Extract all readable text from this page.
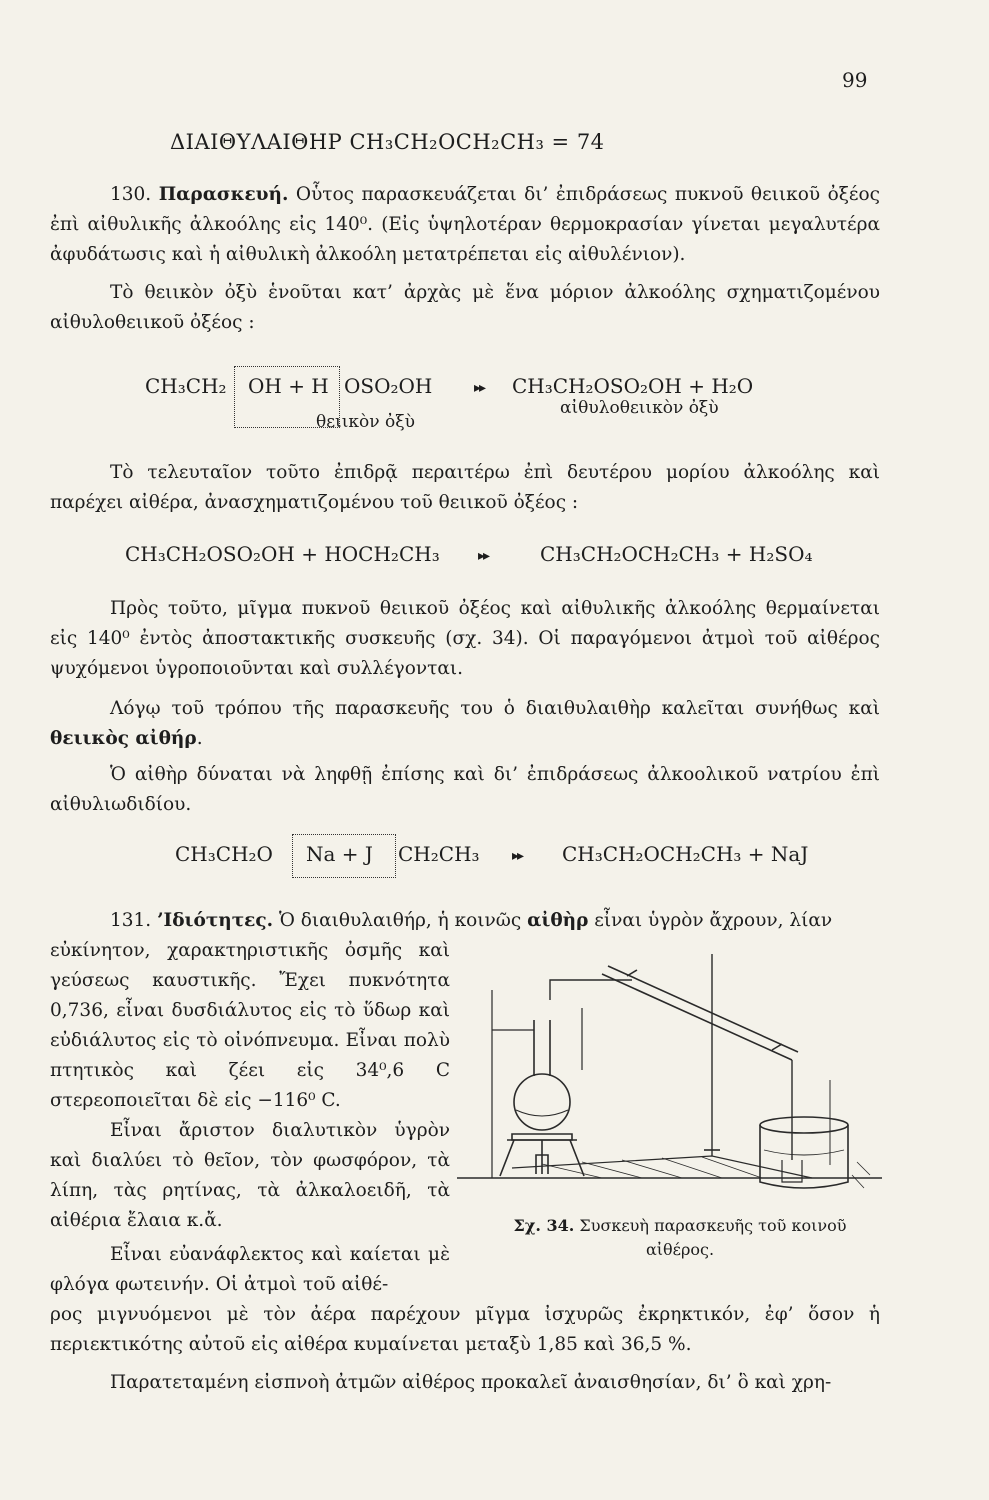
99
ΔΙΑΙΘΥΛΑΙΘΗΡ CH₃CH₂OCH₂CH₃ = 74
130. Παρασκευή. Οὗτος παρασκευάζεται δι’ ἐπιδράσεως πυκνοῦ θειικοῦ ὀξέος ἐπὶ αἰθυλικῆς ἀλκοόλης εἰς 140⁰. (Εἰς ὑψηλοτέραν θερμοκρασίαν γίνεται μεγαλυτέρα ἀφυδάτωσις καὶ ἡ αἰθυλικὴ ἀλκοόλη μετατρέπεται εἰς αἰθυλένιον).
Τὸ θειικὸν ὀξὺ ἑνοῦται κατ’ ἀρχὰς μὲ ἕνα μόριον ἀλκοόλης σχηματιζομένου αἰθυλοθειικοῦ ὀξέος :
CH₃CH₂ OH + H OSO₂OH	▸▸ CH₃CH₂OSO₂OH + H₂O
θειικὸν ὀξὺ
αἰθυλοθειικὸν ὀξὺ
Τὸ τελευταῖον τοῦτο ἐπιδρᾷ περαιτέρω ἐπὶ δευτέρου μορίου ἀλκοόλης καὶ παρέχει αἰθέρα, ἀνασχηματιζομένου τοῦ θειικοῦ ὀξέος :
CH₃CH₂OSO₂OH + HOCH₂CH₃	▸▸	CH₃CH₂OCH₂CH₃ + H₂SO₄
Πρὸς τοῦτο, μῖγμα πυκνοῦ θειικοῦ ὀξέος καὶ αἰθυλικῆς ἀλκοόλης θερμαίνεται εἰς 140⁰ ἐντὸς ἀποστακτικῆς συσκευῆς (σχ. 34). Οἱ παραγόμενοι ἀτμοὶ τοῦ αἰθέρος ψυχόμενοι ὑγροποιοῦνται καὶ συλλέγονται.
Λόγῳ τοῦ τρόπου τῆς παρασκευῆς του ὁ διαιθυλαιθὴρ καλεῖται συνήθως καὶ θειικὸς αἰθήρ.
Ὁ αἰθὴρ δύναται νὰ ληφθῇ ἐπίσης καὶ δι’ ἐπιδράσεως ἀλκοολικοῦ νατρίου ἐπὶ αἰθυλιωδιδίου.
CH₃CH₂O Na + J CH₂CH₃ ▸▸ CH₃CH₂OCH₂CH₃ + NaJ
131. ’Ιδιότητες. Ὁ διαιθυλαιθήρ, ἡ κοινῶς αἰθὴρ εἶναι ὑγρὸν ἄχρουν, λίαν
εὐκίνητον, χαρακτηριστικῆς ὀσμῆς καὶ γεύσεως καυστικῆς. Ἔχει πυκνότητα 0,736, εἶναι δυσδιάλυτος εἰς τὸ ὕδωρ καὶ εὐδιάλυτος εἰς τὸ οἰνόπνευμα. Εἶναι πολὺ πτητικὸς καὶ ζέει εἰς 34⁰,6 C στερεοποιεῖται δὲ εἰς −116⁰ C.
Εἶναι ἄριστον διαλυτικὸν ὑγρὸν καὶ διαλύει τὸ θεῖον, τὸν φωσφόρον, τὰ λίπη, τὰς ρητίνας, τὰ ἀλκαλοειδῆ, τὰ αἰθέρια ἔλαια κ.ἄ.
Εἶναι εὐανάφλεκτος καὶ καίεται μὲ φλόγα φωτεινήν. Οἱ ἀτμοὶ τοῦ αἰθέ-
ρος μιγνυόμενοι μὲ τὸν ἀέρα παρέχουν μῖγμα ἰσχυρῶς ἐκρηκτικόν, ἐφ’ ὅσον ἡ περιεκτικότης αὐτοῦ εἰς αἰθέρα κυμαίνεται μεταξὺ 1,85 καὶ 36,5 %.
Παρατεταμένη εἰσπνοὴ ἀτμῶν αἰθέρος προκαλεῖ ἀναισθησίαν, δι’ ὃ καὶ χρη-
Σχ. 34. Συσκευὴ παρασκευῆς τοῦ κοινοῦ αἰθέρος.
